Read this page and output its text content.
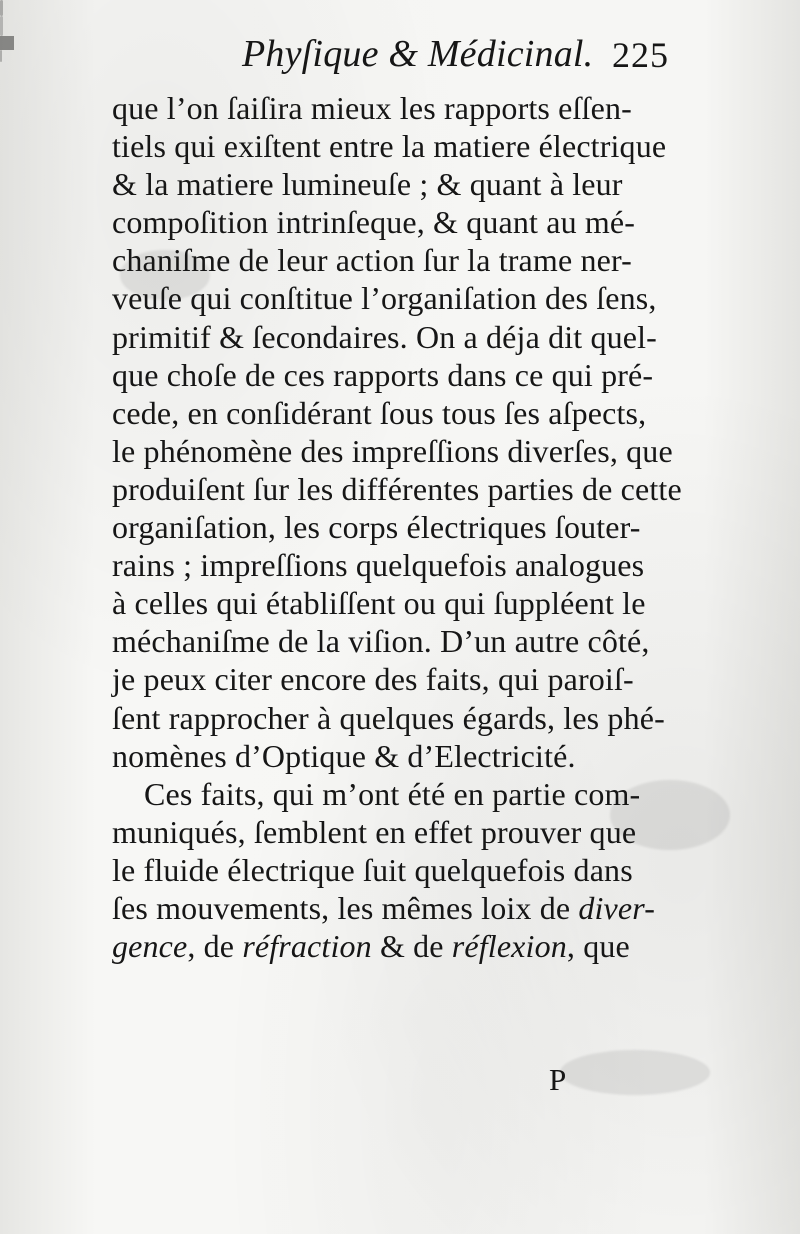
Phyſique & Médicinal. 225
que l’on ſaiſira mieux les rapports eſſen-
tiels qui exiſtent entre la matiere électrique
& la matiere lumineuſe ; & quant à leur
compoſition intrinſeque, & quant au mé-
chaniſme de leur action ſur la trame ner-
veuſe qui conſtitue l’organiſation des ſens,
primitif & ſecondaires. On a déja dit quel-
que choſe de ces rapports dans ce qui pré-
cede, en conſidérant ſous tous ſes aſpects,
le phénomène des impreſſions diverſes, que
produiſent ſur les différentes parties de cette
organiſation, les corps électriques ſouter-
rains ; impreſſions quelquefois analogues
à celles qui établiſſent ou qui ſuppléent le
méchaniſme de la viſion. D’un autre côté,
je peux citer encore des faits, qui paroiſ-
ſent rapprocher à quelques égards, les phé-
nomènes d’Optique & d’Electricité.
Ces faits, qui m’ont été en partie com-
muniqués, ſemblent en effet prouver que
le fluide électrique ſuit quelquefois dans
ſes mouvements, les mêmes loix de diver-
gence, de réfraction & de réflexion, que
P
